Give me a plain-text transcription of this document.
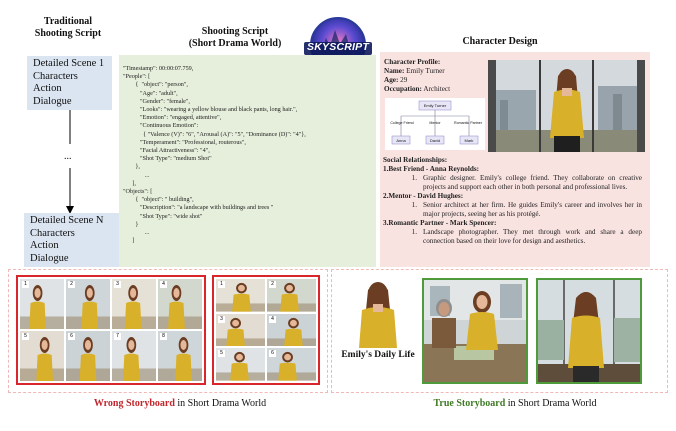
Traditional
Shooting Script
Detailed Scene 1
Characters
Action
Dialogue
...
Detailed Scene N
Characters
Action
Dialogue
Shooting Script
(Short Drama World)	SKYSCRIPT
"Timestamp": 00:00:07.759,
"People": [
{  "object": "person",
"Age": "adult",
"Gender": "female",
"Looks": "wearing a yellow blouse and black pants, long hair.",
"Emotion": "engaged, attentive",
"Continuous Emotion":
{ "Valence (V)": "6", "Arousal (A)": "5", "Dominance (D)": "4"},
"Temperament": "Professional, routerous",
"Facial Attractiveness": "4",
"Shot Type": "medium Shot"
},
...
],
"Objects": [
{  "object": " building",
"Description": "a landscape with buildings and trees "
"Shot Type": "wide shot"
}
...
]
Character Design
Character Profile:
Name: Emily Turner
Age: 29
Occupation: Architect
Emily Turner
College Friend	Mentor	Romantic Partner
Anna	David	Mark
Social Relationships:
1.Best Friend - Anna Reynolds:
1. Graphic designer. Emily's college friend. They collaborate on creative projects and support each other in both personal and professional lives.
2.Mentor - David Hughes:
1. Senior architect at her firm. He guides Emily's career and involves her in major projects, seeing her as his protégé.
3.Romantic Partner - Mark Spencer:
1. Landscape photographer. They met through work and share a deep connection based on their love for design and aesthetics.
1	2	3	4
5	6	7	8
1	2
3	4
5	6	Emily's Daily Life
Wrong Storyboard in Short Drama World	True Storyboard in Short Drama World
